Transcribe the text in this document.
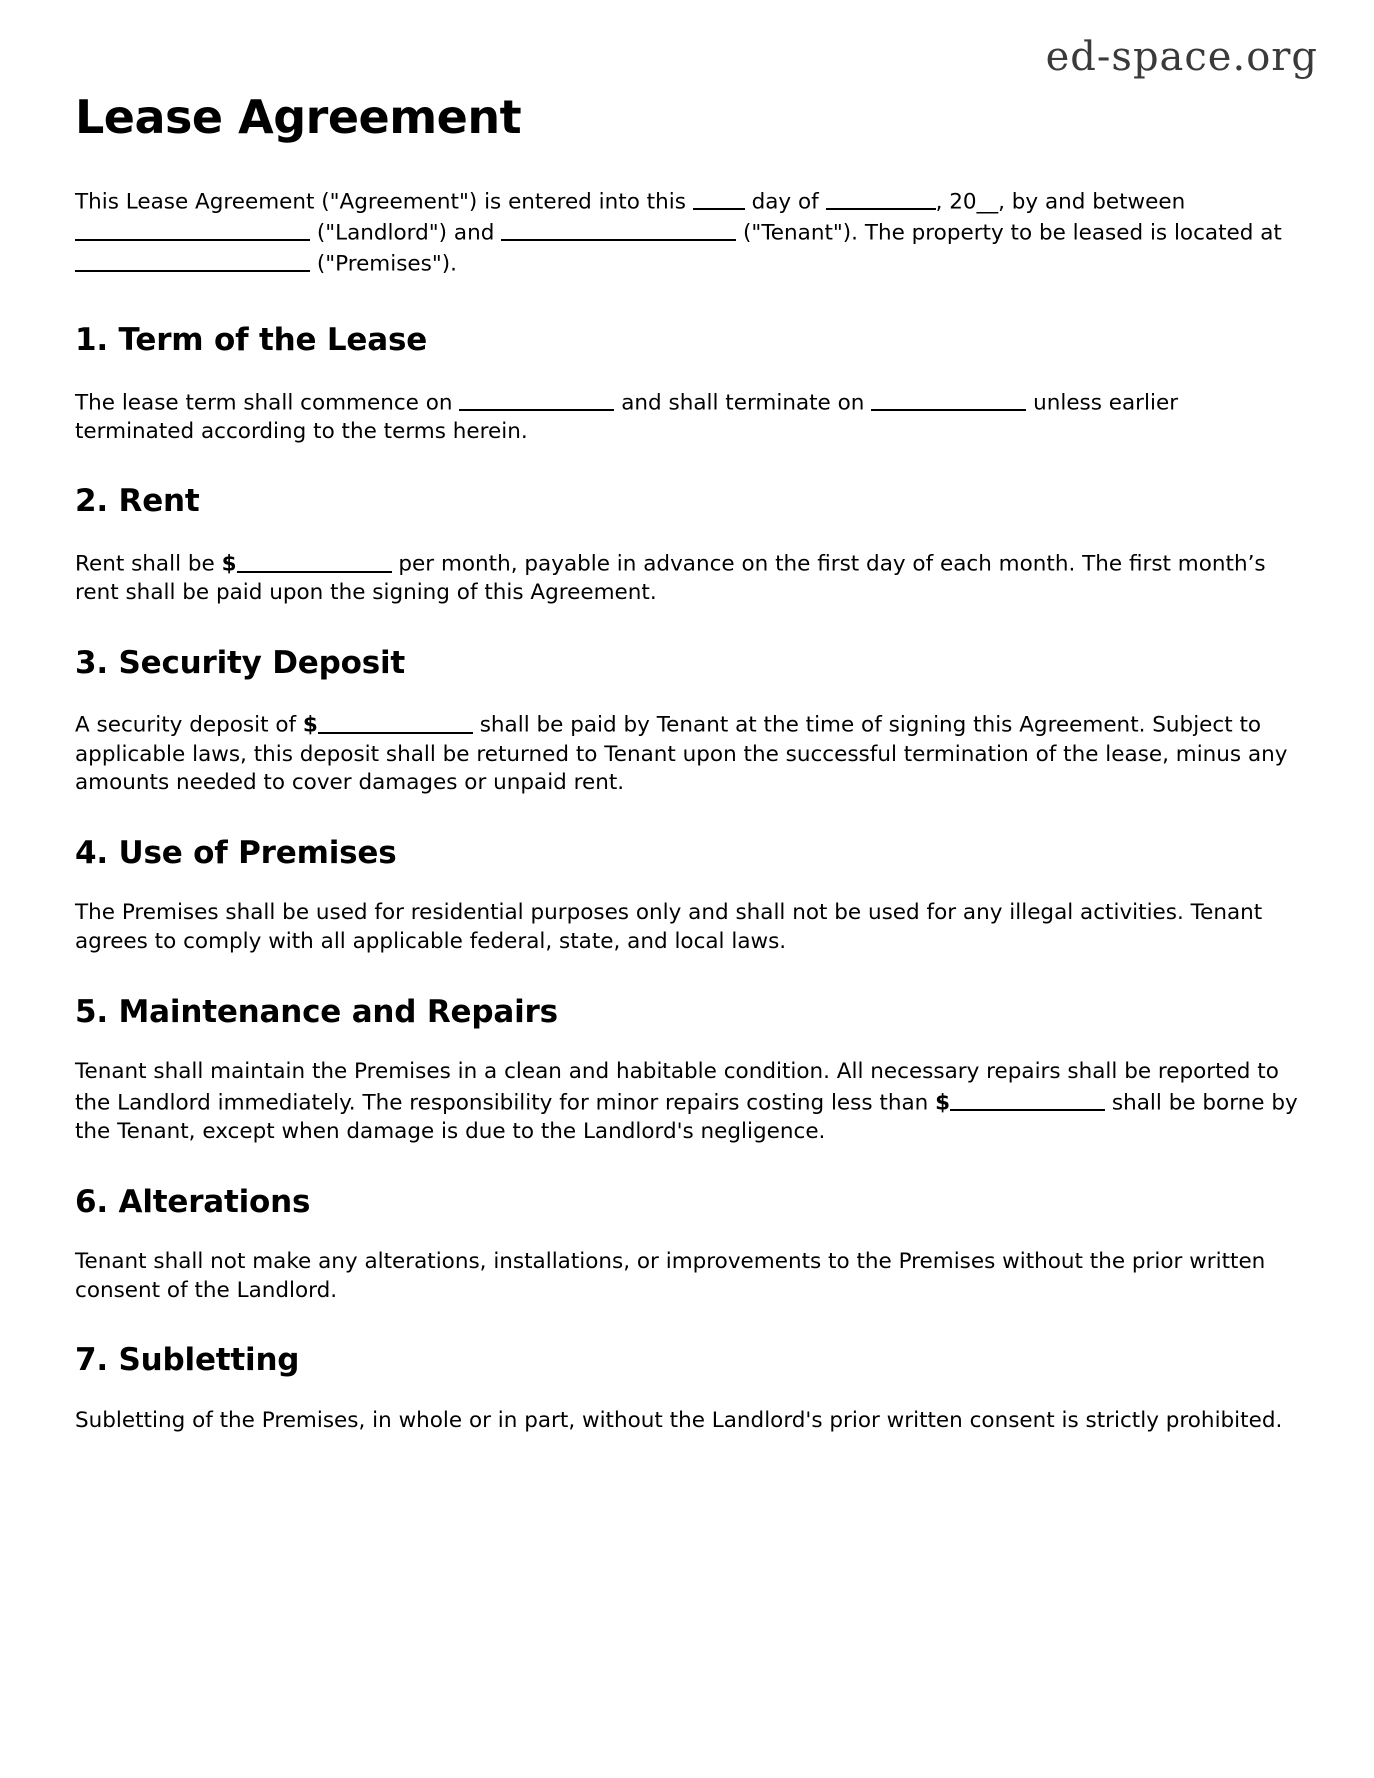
ed-space.org
Lease Agreement

This Lease Agreement ("Agreement") is entered into this	day of	, 20__, by and between  ("Landlord") and	("Tenant"). The property to be leased is located at  ("Premises").

1. Term of the Lease

The lease term shall commence on	and shall terminate on	unless earlier terminated according to the terms herein.

2. Rent

Rent shall be $	per month, payable in advance on the first day of each month. The first month’s rent shall be paid upon the signing of this Agreement.

3. Security Deposit

A security deposit of $	shall be paid by Tenant at the time of signing this Agreement. Subject to applicable laws, this deposit shall be returned to Tenant upon the successful termination of the lease, minus any amounts needed to cover damages or unpaid rent.

4. Use of Premises

The Premises shall be used for residential purposes only and shall not be used for any illegal activities. Tenant agrees to comply with all applicable federal, state, and local laws.

5. Maintenance and Repairs

Tenant shall maintain the Premises in a clean and habitable condition. All necessary repairs shall be reported to the Landlord immediately. The responsibility for minor repairs costing less than $	shall be borne by the Tenant, except when damage is due to the Landlord's negligence.

6. Alterations

Tenant shall not make any alterations, installations, or improvements to the Premises without the prior written consent of the Landlord.

7. Subletting

Subletting of the Premises, in whole or in part, without the Landlord's prior written consent is strictly prohibited.
